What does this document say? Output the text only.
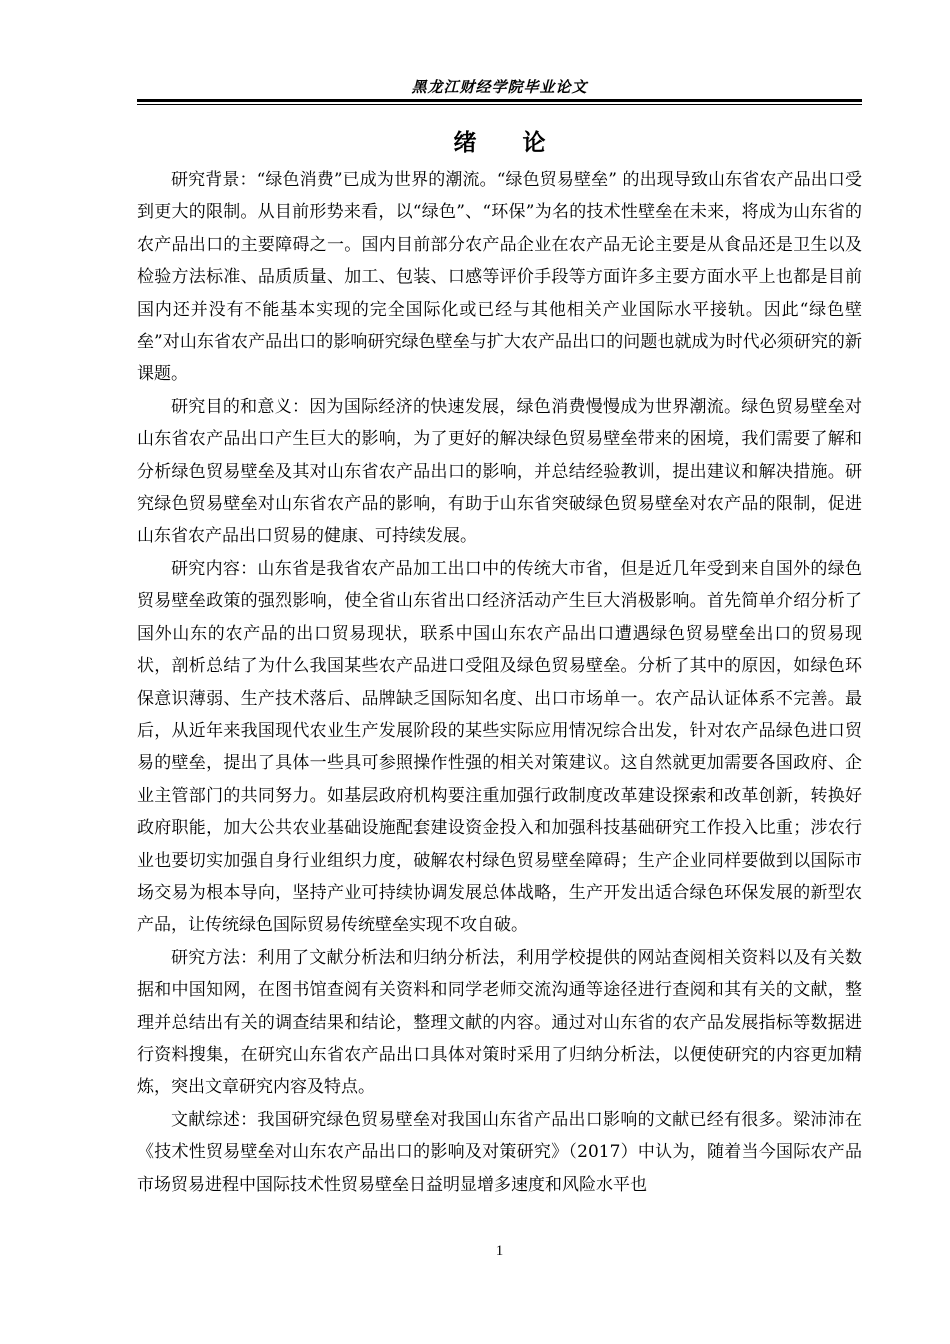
黑龙江财经学院毕业论文
绪论

研究背景：“绿色消费”已成为世界的潮流。“绿色贸易壁垒” 的出现导致山东省农产品出口受到更大的限制。从目前形势来看，以“绿色”、“环保”为名的技术性壁垒在未来，将成为山东省的农产品出口的主要障碍之一。国内目前部分农产品企业在农产品无论主要是从食品还是卫生以及检验方法标准、品质质量、加工、包装、口感等评价手段等方面许多主要方面水平上也都是目前国内还并没有不能基本实现的完全国际化或已经与其他相关产业国际水平接轨。因此“绿色壁垒”对山东省农产品出口的影响研究绿色壁垒与扩大农产品出口的问题也就成为时代必须研究的新课题。

研究目的和意义：因为国际经济的快速发展，绿色消费慢慢成为世界潮流。绿色贸易壁垒对山东省农产品出口产生巨大的影响，为了更好的解决绿色贸易壁垒带来的困境，我们需要了解和分析绿色贸易壁垒及其对山东省农产品出口的影响，并总结经验教训，提出建议和解决措施。研究绿色贸易壁垒对山东省农产品的影响，有助于山东省突破绿色贸易壁垒对农产品的限制，促进山东省农产品出口贸易的健康、可持续发展。

研究内容：山东省是我省农产品加工出口中的传统大市省，但是近几年受到来自国外的绿色贸易壁垒政策的强烈影响，使全省山东省出口经济活动产生巨大消极影响。首先简单介绍分析了国外山东的农产品的出口贸易现状，联系中国山东农产品出口遭遇绿色贸易壁垒出口的贸易现状，剖析总结了为什么我国某些农产品进口受阻及绿色贸易壁垒。分析了其中的原因，如绿色环保意识薄弱、生产技术落后、品牌缺乏国际知名度、出口市场单一。农产品认证体系不完善。最后，从近年来我国现代农业生产发展阶段的某些实际应用情况综合出发，针对农产品绿色进口贸易的壁垒，提出了具体一些具可参照操作性强的相关对策建议。这自然就更加需要各国政府、企业主管部门的共同努力。如基层政府机构要注重加强行政制度改革建设探索和改革创新，转换好政府职能，加大公共农业基础设施配套建设资金投入和加强科技基础研究工作投入比重；涉农行业也要切实加强自身行业组织力度，破解农村绿色贸易壁垒障碍；生产企业同样要做到以国际市场交易为根本导向，坚持产业可持续协调发展总体战略，生产开发出适合绿色环保发展的新型农产品，让传统绿色国际贸易传统壁垒实现不攻自破。

研究方法：利用了文献分析法和归纳分析法，利用学校提供的网站查阅相关资料以及有关数据和中国知网，在图书馆查阅有关资料和同学老师交流沟通等途径进行查阅和其有关的文献，整理并总结出有关的调查结果和结论，整理文献的内容。通过对山东省的农产品发展指标等数据进行资料搜集，在研究山东省农产品出口具体对策时采用了归纳分析法，以便使研究的内容更加精炼，突出文章研究内容及特点。

文献综述：我国研究绿色贸易壁垒对我国山东省产品出口影响的文献已经有很多。梁沛沛在《技术性贸易壁垒对山东农产品出口的影响及对策研究》（2017）中认为，随着当今国际农产品市场贸易进程中国际技术性贸易壁垒日益明显增多速度和风险水平也

1
